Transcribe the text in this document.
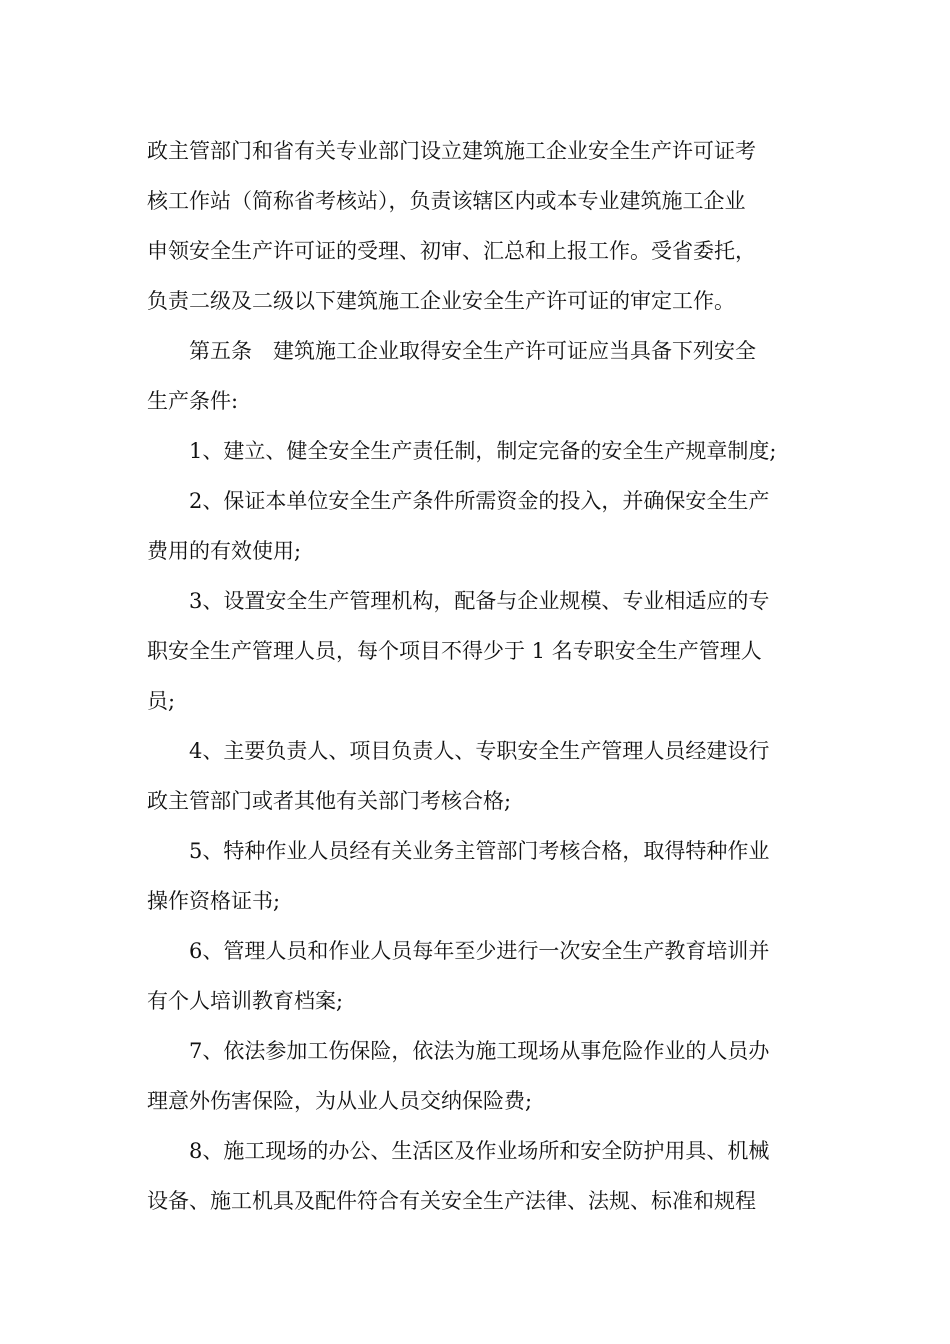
政主管部门和省有关专业部门设立建筑施工企业安全生产许可证考
核工作站（简称省考核站），负责该辖区内或本专业建筑施工企业
申领安全生产许可证的受理、初审、汇总和上报工作。受省委托，
负责二级及二级以下建筑施工企业安全生产许可证的审定工作。
第五条　建筑施工企业取得安全生产许可证应当具备下列安全
生产条件:
1、建立、健全安全生产责任制，制定完备的安全生产规章制度;
2、保证本单位安全生产条件所需资金的投入，并确保安全生产
费用的有效使用;
3、设置安全生产管理机构，配备与企业规模、专业相适应的专
职安全生产管理人员，每个项目不得少于 1 名专职安全生产管理人
员;
4、主要负责人、项目负责人、专职安全生产管理人员经建设行
政主管部门或者其他有关部门考核合格;
5、特种作业人员经有关业务主管部门考核合格，取得特种作业
操作资格证书;
6、管理人员和作业人员每年至少进行一次安全生产教育培训并
有个人培训教育档案;
7、依法参加工伤保险，依法为施工现场从事危险作业的人员办
理意外伤害保险，为从业人员交纳保险费;
8、施工现场的办公、生活区及作业场所和安全防护用具、机械
设备、施工机具及配件符合有关安全生产法律、法规、标准和规程
